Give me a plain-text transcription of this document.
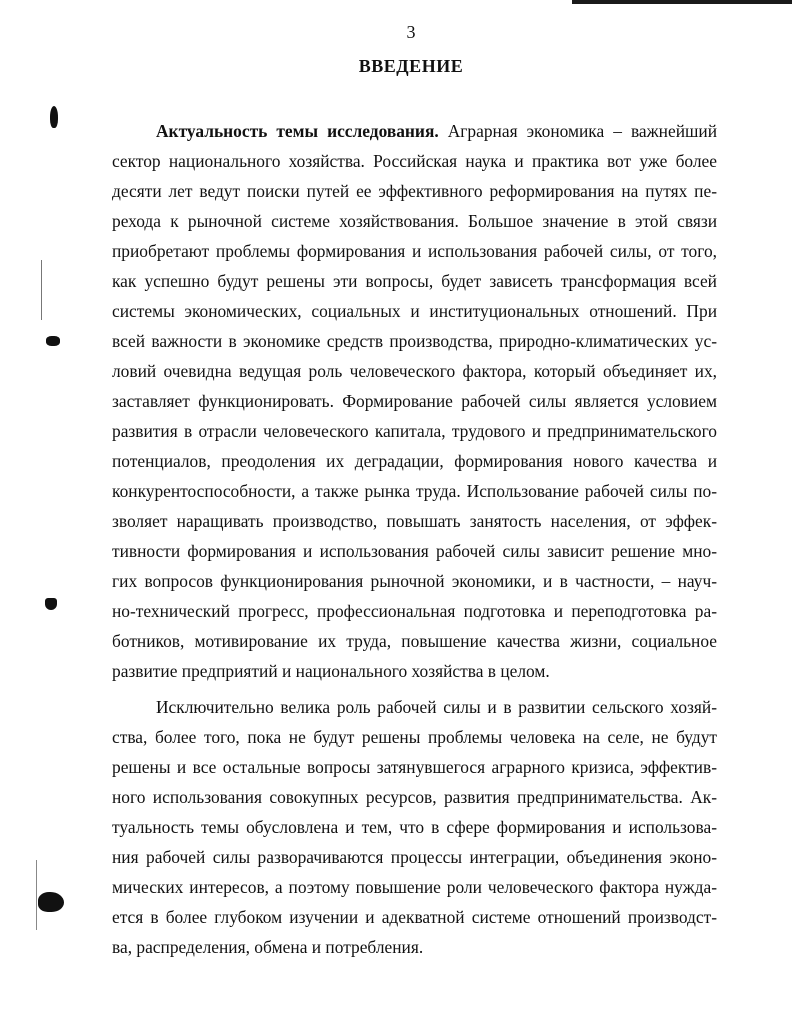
3
ВВЕДЕНИЕ
Актуальность темы исследования. Аграрная экономика – важнейший
сектор национального хозяйства. Российская наука и практика вот уже более
десяти лет ведут поиски путей ее эффективного реформирования на путях пе-
рехода к рыночной системе хозяйствования. Большое значение в этой связи
приобретают проблемы формирования и использования рабочей силы, от того,
как успешно будут решены эти вопросы, будет зависеть трансформация всей
системы экономических, социальных и институциональных отношений. При
всей важности в экономике средств производства, природно-климатических ус-
ловий очевидна ведущая роль человеческого фактора, который объединяет их,
заставляет функционировать. Формирование рабочей силы является условием
развития в отрасли человеческого капитала, трудового и предпринимательского
потенциалов, преодоления их деградации, формирования нового качества и
конкурентоспособности, а также рынка труда. Использование рабочей силы по-
зволяет наращивать производство, повышать занятость населения, от эффек-
тивности формирования и использования рабочей силы зависит решение мно-
гих вопросов функционирования рыночной экономики, и в частности, – науч-
но-технический прогресс, профессиональная подготовка и переподготовка ра-
ботников, мотивирование их труда, повышение качества жизни, социальное
развитие предприятий и национального хозяйства в целом.
Исключительно велика роль рабочей силы и в развитии сельского хозяй-
ства, более того, пока не будут решены проблемы человека на селе, не будут
решены и все остальные вопросы затянувшегося аграрного кризиса, эффектив-
ного использования совокупных ресурсов, развития предпринимательства. Ак-
туальность темы обусловлена и тем, что в сфере формирования и использова-
ния рабочей силы разворачиваются процессы интеграции, объединения эконо-
мических интересов, а поэтому повышение роли человеческого фактора нужда-
ется в более глубоком изучении и адекватной системе отношений производст-
ва, распределения, обмена и потребления.
